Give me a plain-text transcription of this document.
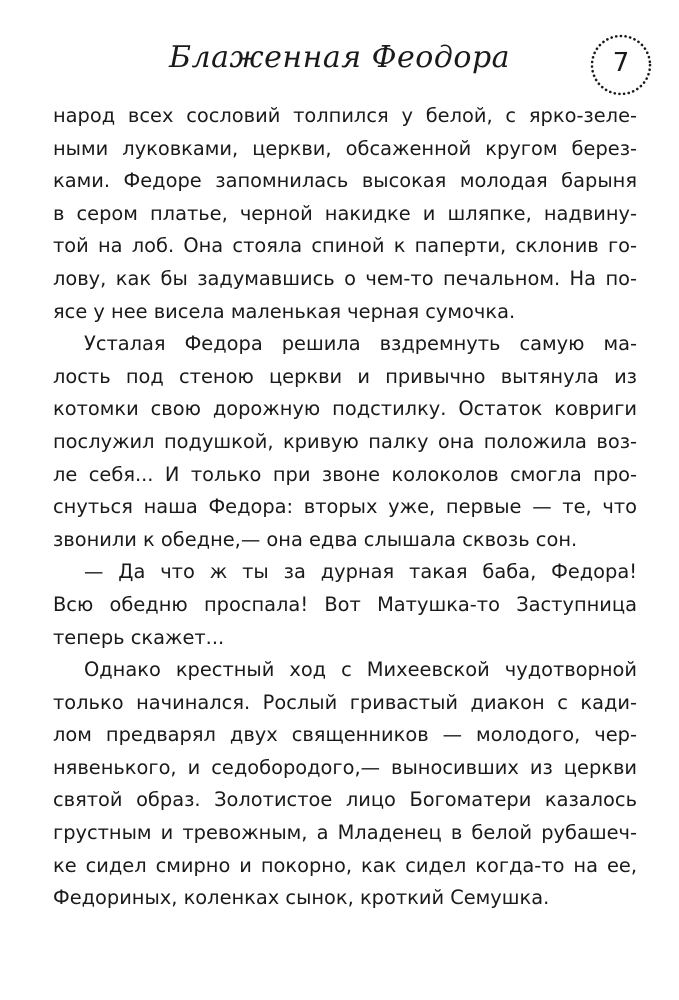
Блаженная Феодора	7
народ всех сословий толпился у белой, с ярко-зеле-
ными луковками, церкви, обсаженной кругом берез-
ками. Федоре запомнилась высокая молодая барыня
в сером платье, черной накидке и шляпке, надвину-
той на лоб. Она стояла спиной к паперти, склонив го-
лову, как бы задумавшись о чем-то печальном. На по-
ясе у нее висела маленькая черная сумочка.
Усталая Федора решила вздремнуть самую ма-
лость под стеною церкви и привычно вытянула из
котомки свою дорожную подстилку. Остаток ковриги
послужил подушкой, кривую палку она положила воз-
ле себя... И только при звоне колоколов смогла про-
снуться наша Федора: вторых уже, первые — те, что
звонили к обедне,— она едва слышала сквозь сон.
— Да что ж ты за дурная такая баба, Федора!
Всю обедню проспала! Вот Матушка-то Заступница
теперь скажет...
Однако крестный ход с Михеевской чудотворной
только начинался. Рослый гривастый диакон с кади-
лом предварял двух священников — молодого, чер-
нявенького, и седобородого,— выносивших из церкви
святой образ. Золотистое лицо Богоматери казалось
грустным и тревожным, а Младенец в белой рубашеч-
ке сидел смирно и покорно, как сидел когда-то на ее,
Федориных, коленках сынок, кроткий Семушка.
